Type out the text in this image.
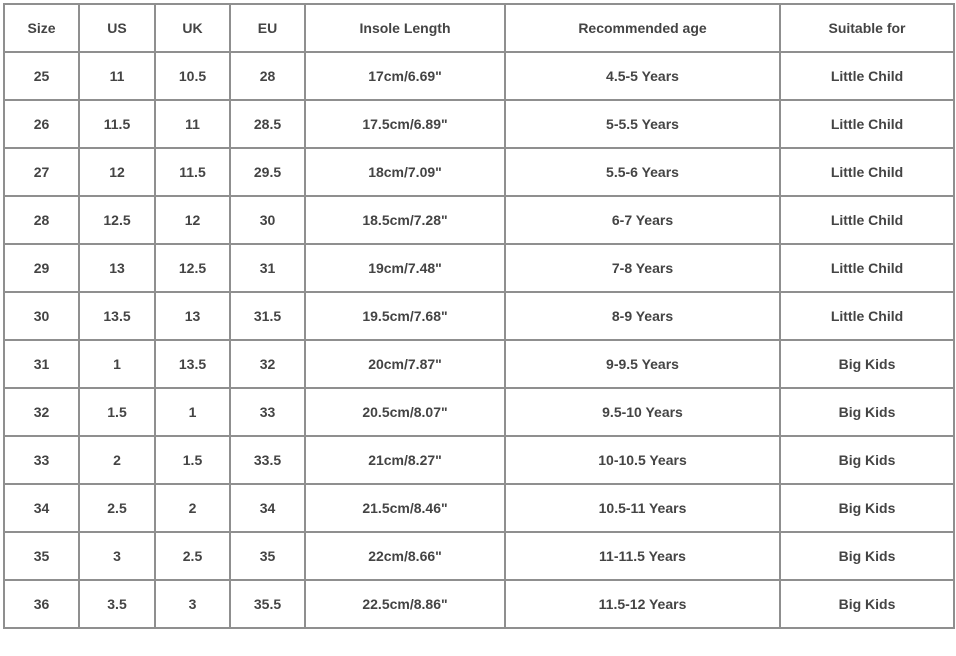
Size	US	UK	EU	Insole Length	Recommended age	Suitable for
25	11	10.5	28	17cm/6.69"	4.5-5 Years	Little Child
26	11.5	11	28.5	17.5cm/6.89"	5-5.5 Years	Little Child
27	12	11.5	29.5	18cm/7.09"	5.5-6 Years	Little Child
28	12.5	12	30	18.5cm/7.28"	6-7 Years	Little Child
29	13	12.5	31	19cm/7.48"	7-8 Years	Little Child
30	13.5	13	31.5	19.5cm/7.68"	8-9 Years	Little Child
31	1	13.5	32	20cm/7.87"	9-9.5 Years	Big Kids
32	1.5	1	33	20.5cm/8.07"	9.5-10 Years	Big Kids
33	2	1.5	33.5	21cm/8.27"	10-10.5 Years	Big Kids
34	2.5	2	34	21.5cm/8.46"	10.5-11 Years	Big Kids
35	3	2.5	35	22cm/8.66"	11-11.5 Years	Big Kids
36	3.5	3	35.5	22.5cm/8.86"	11.5-12 Years	Big Kids
